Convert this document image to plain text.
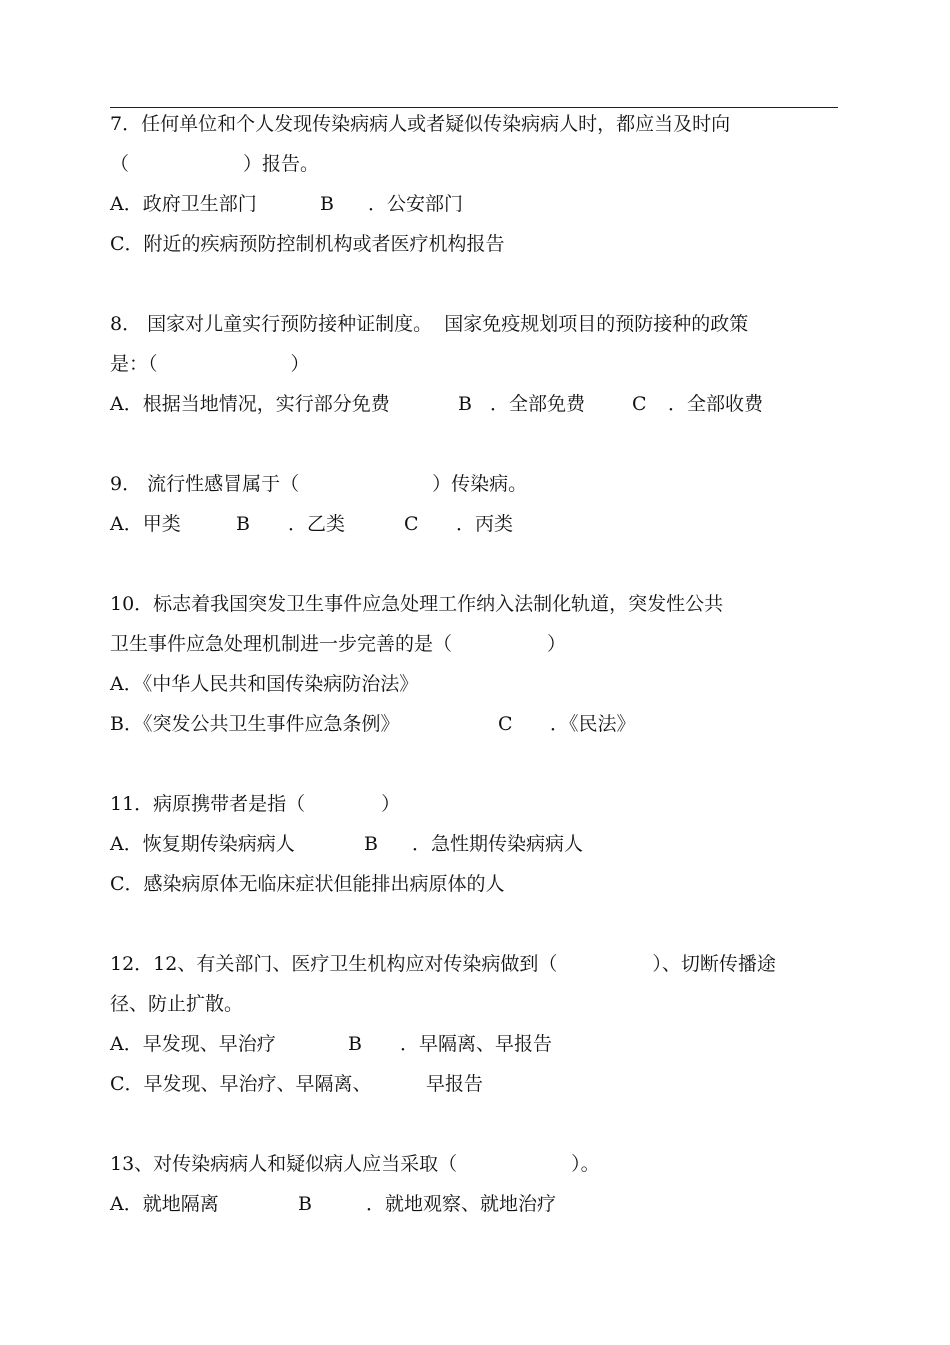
7．任何单位和个人发现传染病病人或者疑似传染病病人时，都应当及时向
（　　　　　　）报告。

A．政府卫生部门

	B

．公安部门

C．附近的疾病预防控制机构或者医疗机构报告

8． 国家对儿童实行预防接种证制度。  国家免疫规划项目的预防接种的政策
是：（　　　　　　　）

A．根据当地情况，实行部分免费

	B

．全部免费

C

．全部收费

9． 流行性感冒属于（　　　　　　　）传染病。

A．甲类

	B

．乙类

	C

．丙类

10．标志着我国突发卫生事件应急处理工作纳入法制化轨道，突发性公共
卫生事件应急处理机制进一步完善的是（　　　　　）

A．《中华人民共和国传染病防治法》

B．《突发公共卫生事件应急条例》

	C

．《民法》

11．病原携带者是指（　　　　）

A．恢复期传染病病人

	B

．急性期传染病病人

C．感染病原体无临床症状但能排出病原体的人

12．12、有关部门、医疗卫生机构应对传染病做到（　　　　　）、切断传播途
径、防止扩散。

A．早发现、早治疗

	B

．早隔离、早报告

C．早发现、早治疗、早隔离、

	早报告

13、对传染病病人和疑似病人应当采取（　　　　　　）。

A．就地隔离

	B

	．就地观察、就地治疗
